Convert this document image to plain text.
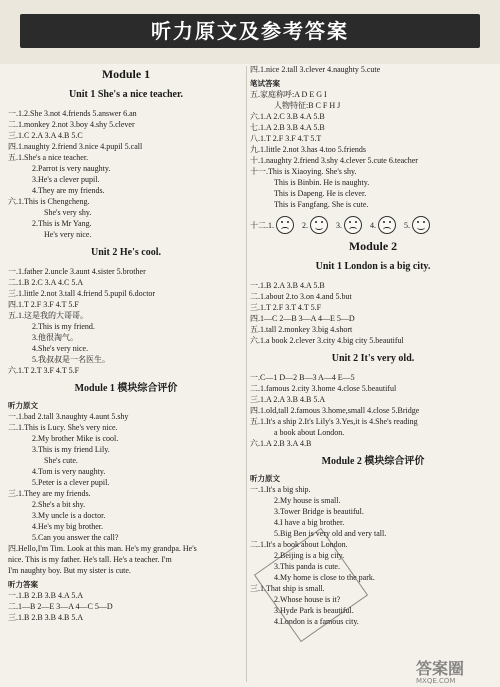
听力原文及参考答案
Module 1
Unit 1 She's a nice teacher.
一.1.2.She 3.not 4.friends 5.answer 6.an
二.1.monkey 2.not 3.boy 4.shy 5.clever
三.1.C 2.A 3.A 4.B 5.C
四.1.naughty 2.friend 3.nice 4.pupil 5.call
五.1.She's a nice teacher.
2.Parrot is very naughty.
3.He's a clever pupil.
4.They are my friends.
六.1.This is Chengcheng.
She's very shy.
2.This is Mr Yang.
He's very nice.
Unit 2 He's cool.
一.1.father 2.uncle 3.aunt 4.sister 5.brother
二.1.B 2.C 3.A 4.C 5.A
三.1.little 2.not 3.tall 4.friend 5.pupil 6.doctor
四.1.T 2.F 3.F 4.T 5.F
五.1.这是我的大哥哥。
2.This is my friend.
3.他很淘气。
4.She's very nice.
5.我叔叔是一名医生。
六.1.T 2.T 3.F 4.T 5.F
Module 1 模块综合评价
听力原文
一.1.bad 2.tall 3.naughty 4.aunt 5.shy
二.1.This is Lucy. She's very nice.
2.My brother Mike is cool.
3.This is my friend Lily.
She's cute.
4.Tom is very naughty.
5.Peter is a clever pupil.
三.1.They are my friends.
2.She's a bit shy.
3.My uncle is a doctor.
4.He's my big brother.
5.Can you answer the call?
四.Hello,I'm Tim. Look at this man. He's my grandpa. He's
nice. This is my father. He's tall. He's a teacher. I'm
I'm naughty boy. But my sister is cute.
听力答案
一.1.B 2.B 3.B 4.A 5.A
二.1—B 2—E 3—A 4—C 5—D
三.1.B 2.B 3.B 4.B 5.A
四.1.nice 2.tall 3.clever 4.naughty 5.cute
笔试答案
五.家庭称呼:A D E G I
人物特征:B C F H J
六.1.A 2.C 3.B 4.A 5.B
七.1.A 2.B 3.B 4.A 5.B
八.1.T 2.F 3.F 4.T 5.T
九.1.little 2.not 3.has 4.too 5.friends
十.1.naughty 2.friend 3.shy 4.clever 5.cute 6.teacher
十一.This is Xiaoying. She's shy.
This is Binbin. He is naughty.
This is Dapeng. He is clever.
This is Fangfang. She is cute.
十二.1.	2.	3.	4.	5.
Module 2
Unit 1 London is a big city.
一.1.B 2.A 3.B 4.A 5.B
二.1.about 2.to 3.on 4.and 5.but
三.1.T 2.F 3.T 4.T 5.F
四.1—C 2—B 3—A 4—E 5—D
五.1.tall 2.monkey 3.big 4.short
六.1.a book 2.clever 3.city 4.big city 5.beautiful
Unit 2 It's very old.
一.C—1 D—2 B—3 A—4 E—5
二.1.famous 2.city 3.home 4.close 5.beautiful
三.1.A 2.A 3.B 4.B 5.A
四.1.old,tall 2.famous 3.home,small 4.close 5.Bridge
五.1.It's a ship 2.It's Lily's 3.Yes,it is 4.She's reading
a book about London.
六.1.A 2.B 3.A 4.B
Module 2 模块综合评价
听力原文
一.1.It's a big ship.
2.My house is small.
3.Tower Bridge is beautiful.
4.I have a big brother.
5.Big Ben is very old and very tall.
二.1.It's a book about London.
2.Beijing is a big city.
3.This panda is cute.
4.My home is close to the park.
三.1.That ship is small.
2.Whose house is it?
3.Hyde Park is beautiful.
4.London is a famous city.
答案圈
MXQE.COM
